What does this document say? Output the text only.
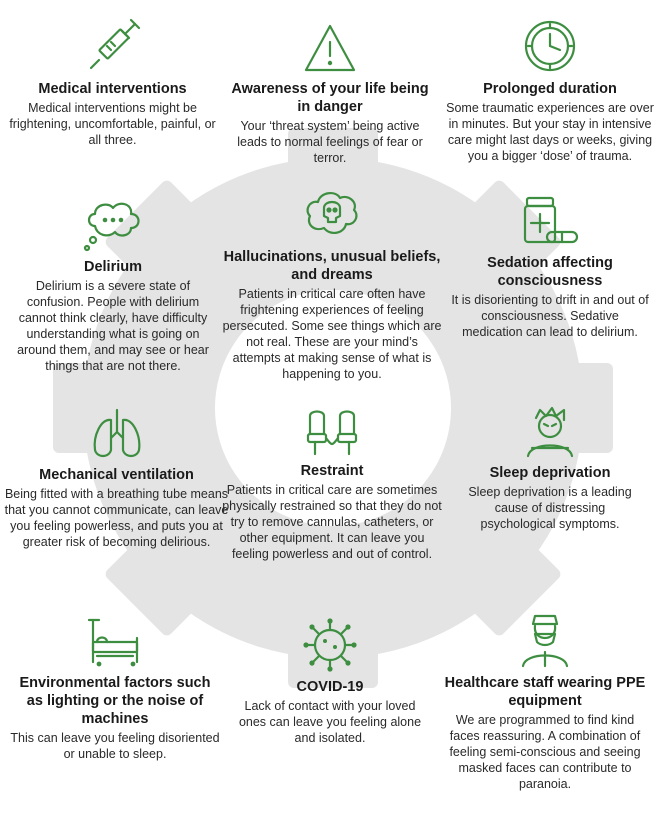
Medical interventions
Medical interventions might be frightening, uncomfortable, painful, or all three.
Awareness of your life being in danger
Your ‘threat system’ being active leads to normal feelings of fear or terror.
Prolonged duration
Some traumatic experiences are over in minutes. But your stay in intensive care might last days or weeks, giving you a bigger ‘dose’ of trauma.
Delirium
Delirium is a severe state of confusion. People with delirium cannot think clearly, have difficulty understanding what is going on around them, and may see or hear things that are not there.
Hallucinations, unusual beliefs, and dreams
Patients in critical care often have frightening experiences of feeling persecuted. Some see things which are not real. These are your mind’s attempts at making sense of what is happening to you.
Sedation affecting consciousness
It is disorienting to drift in and out of consciousness. Sedative medication can lead to delirium.
Mechanical ventilation
Being fitted with a breathing tube means that you cannot communicate, can leave you feeling powerless, and puts you at greater risk of becoming delirious.
Restraint
Patients in critical care are sometimes physically restrained so that they do not try to remove cannulas, catheters, or other equipment. It can leave you feeling powerless and out of control.
Sleep deprivation
Sleep deprivation is a leading cause of distressing psychological symptoms.
Environmental factors such as lighting or the noise of machines
This can leave you feeling disoriented or unable to sleep.
COVID-19
Lack of contact with your loved ones can leave you feeling alone and isolated.
Healthcare staff wearing PPE equipment
We are programmed to find kind faces reassuring. A combination of feeling semi-conscious and seeing masked faces can contribute to paranoia.
